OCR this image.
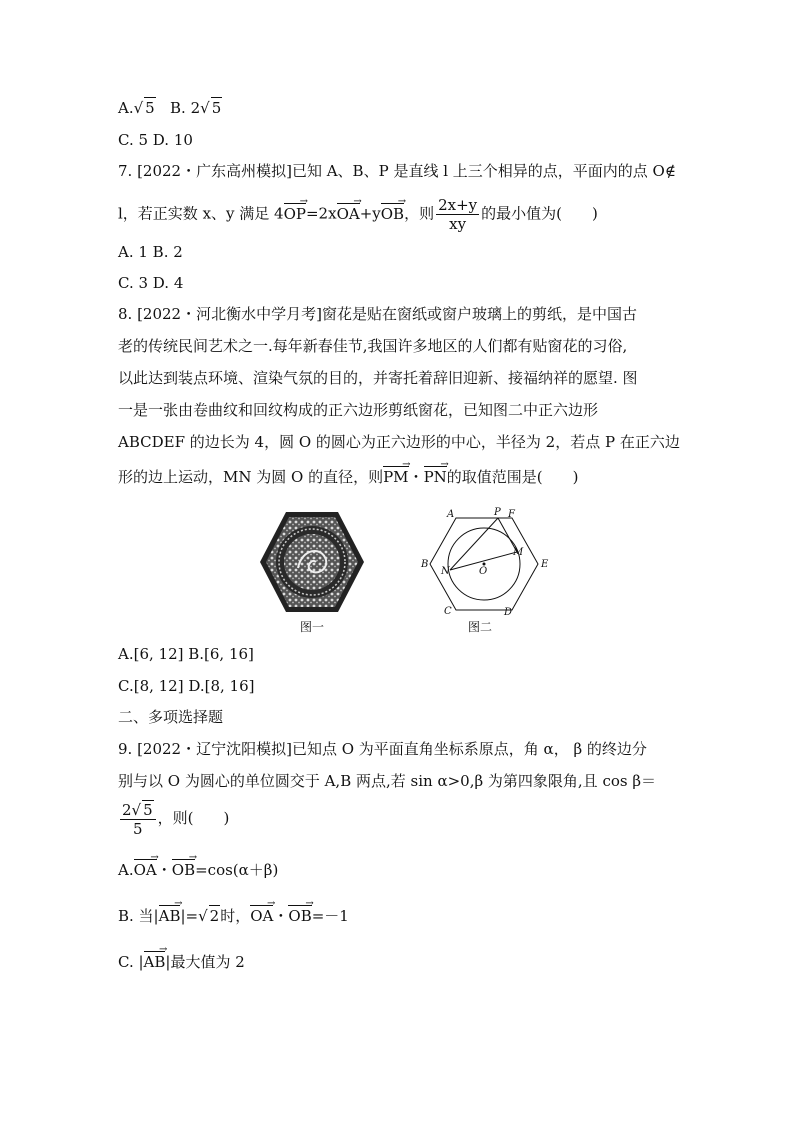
A.√ 5 B. 2√ 5
C. 5 D. 10
7. [2022・广东高州模拟]已知 A、B、P 是直线 l 上三个相异的点，平面内的点 O∉
l，若正实数 x、y 满足 4OP →=2xOA →+yOB →，则 $\frac{2x+y}{xy}$ 的最小值为(　　)
A. 1 B. 2
C. 3 D. 4
8. [2022・河北衡水中学月考]窗花是贴在窗纸或窗户玻璃上的剪纸，是中国古
老的传统民间艺术之一.每年新春佳节,我国许多地区的人们都有贴窗花的习俗,
以此达到装点环境、渲染气氛的目的，并寄托着辞旧迎新、接福纳祥的愿望. 图
一是一张由卷曲纹和回纹构成的正六边形剪纸窗花，已知图二中正六边形
ABCDEF 的边长为 4，圆 O 的圆心为正六边形的中心，半径为 2，若点 P 在正六边
形的边上运动，MN 为圆 O 的直径，则PM →・PN →的取值范围是(　　)
图一
A	P F
B	E
M
N	O
C	D
图二
A.[6, 12] B.[6, 16]
C.[8, 12] D.[8, 16]
二、多项选择题
9. [2022・辽宁沈阳模拟]已知点 O 为平面直角坐标系原点，角 α， β 的终边分
别与以 O 为圆心的单位圆交于 A,B 两点,若 sin α>0,β 为第四象限角,且 cos β＝
$\frac{2√ 5}{5}$ ，则(　　)
A.OA →・OB →=cos(α＋β)
B. 当|AB →|=√ 2时，OA →・OB →=－1
C. |AB →|最大值为 2
